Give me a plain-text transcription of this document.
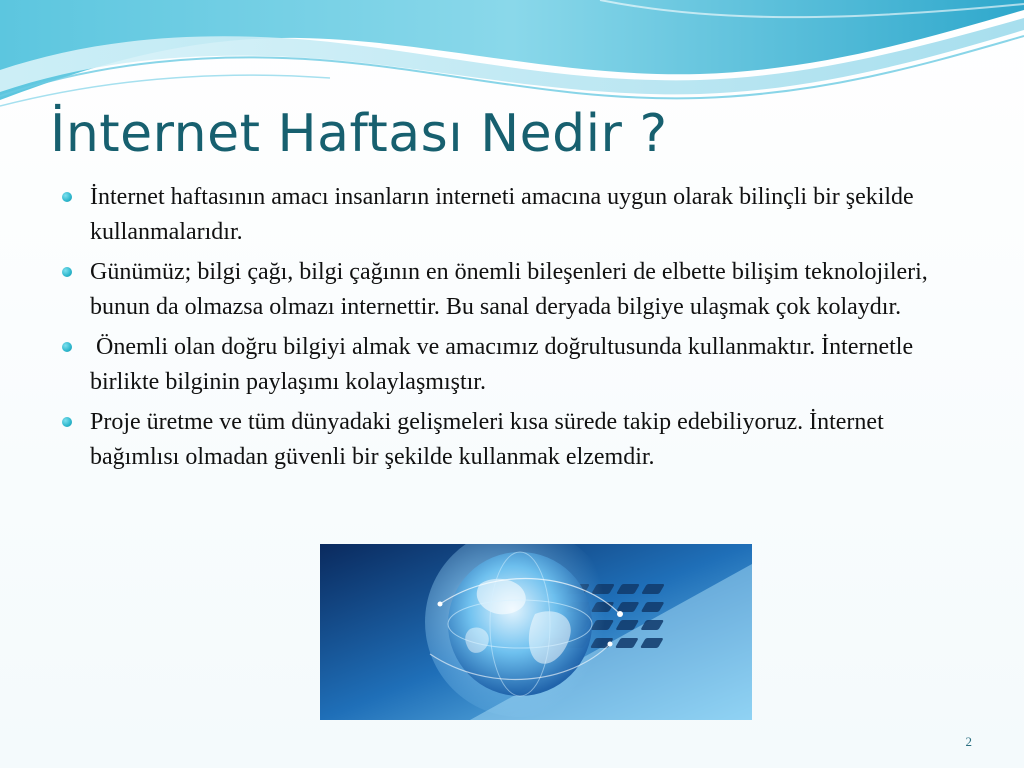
İnternet Haftası Nedir ?
İnternet haftasının amacı insanların interneti amacına uygun olarak bilinçli bir şekilde kullanmalarıdır.
Günümüz; bilgi çağı, bilgi çağının en önemli bileşenleri de elbette bilişim teknolojileri, bunun da olmazsa olmazı internettir. Bu sanal deryada bilgiye ulaşmak çok kolaydır.
Önemli olan doğru bilgiyi almak ve amacımız doğrultusunda kullanmaktır. İnternetle birlikte bilginin paylaşımı kolaylaşmıştır.
Proje üretme ve tüm dünyadaki gelişmeleri kısa sürede takip edebiliyoruz. İnternet bağımlısı olmadan güvenli bir şekilde kullanmak elzemdir.
2
